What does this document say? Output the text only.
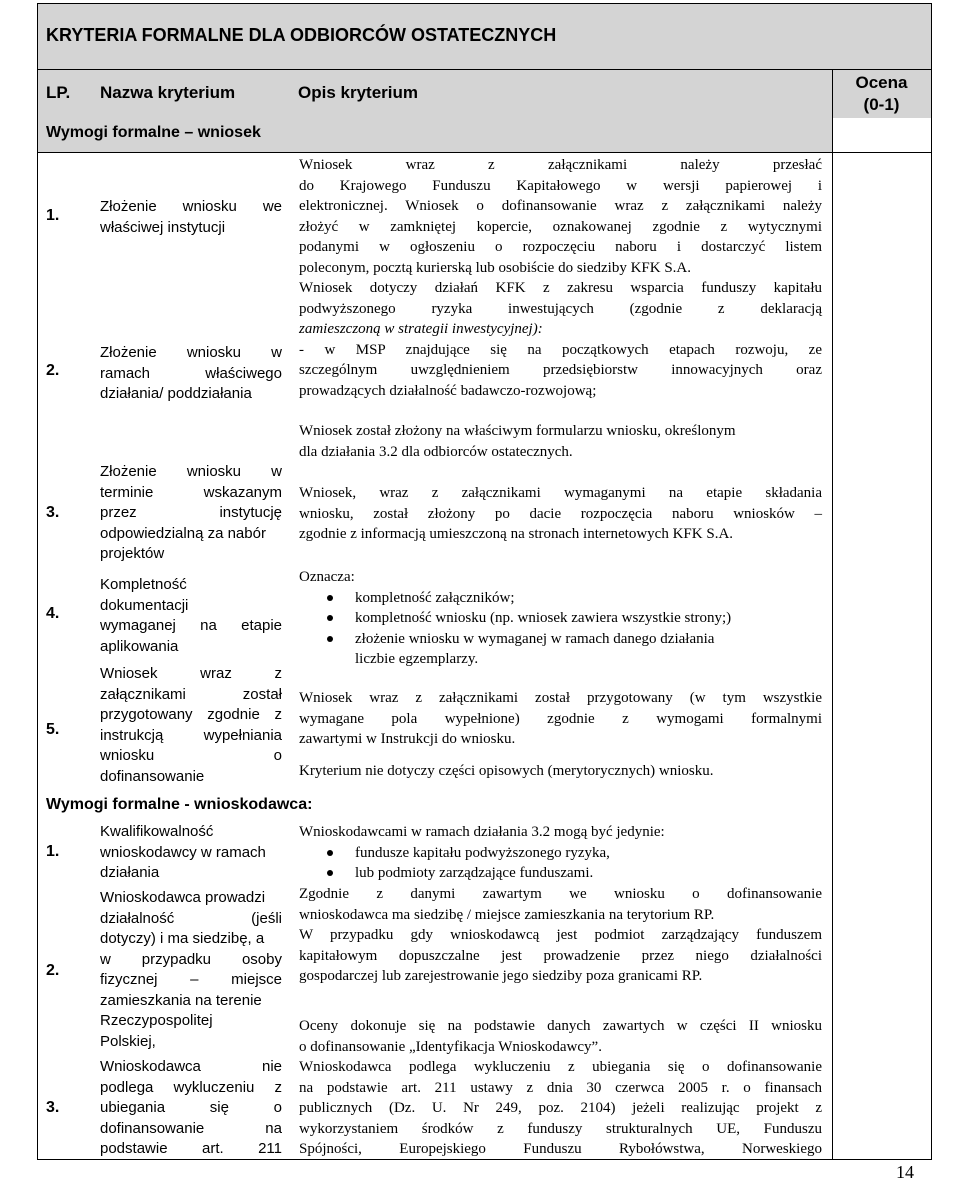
KRYTERIA FORMALNE DLA ODBIORCÓW OSTATECZNYCH
LP. Nazwa kryterium	Opis kryterium
Ocena
(0-1)
Wymogi formalne – wniosek
1.
2.
3.
4.
5.
Złożenie wniosku we
właściwej instytucji
Złożenie wniosku w
ramach właściwego
działania/ poddziałania
Złożenie wniosku w
terminie wskazanym
przez instytucję
odpowiedzialną za nabór
projektów
Kompletność
dokumentacji
wymaganej na etapie
aplikowania
Wniosek wraz z
załącznikami został
przygotowany zgodnie z
instrukcją wypełniania
wniosku o
dofinansowanie
Wniosek wraz z załącznikami należy przesłać
do Krajowego Funduszu Kapitałowego w wersji papierowej i
elektronicznej. Wniosek o dofinansowanie wraz z załącznikami należy
złożyć w zamkniętej kopercie, oznakowanej zgodnie z wytycznymi
podanymi w ogłoszeniu o rozpoczęciu naboru i dostarczyć listem
poleconym, pocztą kurierską lub osobiście do siedziby KFK S.A.
Wniosek dotyczy działań KFK z zakresu wsparcia funduszy kapitału
podwyższonego ryzyka inwestujących (zgodnie z deklaracją
zamieszczoną w strategii inwestycyjnej):
- w MSP znajdujące się na początkowych etapach rozwoju, ze
szczególnym uwzględnieniem przedsiębiorstw innowacyjnych oraz
prowadzących działalność badawczo-rozwojową;
Wniosek został złożony na właściwym formularzu wniosku, określonym
dla działania 3.2 dla odbiorców ostatecznych.
Wniosek, wraz z załącznikami wymaganymi na etapie składania
wniosku, został złożony po dacie rozpoczęcia naboru wniosków –
zgodnie z informacją umieszczoną na stronach internetowych KFK S.A.
Oznacza:
kompletność załączników;
kompletność wniosku (np. wniosek zawiera wszystkie strony;)
złożenie wniosku w wymaganej w ramach danego działania
liczbie egzemplarzy.
Wniosek wraz z załącznikami został przygotowany (w tym wszystkie
wymagane pola wypełnione) zgodnie z wymogami formalnymi
zawartymi w Instrukcji do wniosku.
Kryterium nie dotyczy części opisowych (merytorycznych) wniosku.
Wymogi formalne - wnioskodawca:
1.
2.
3.
Kwalifikowalność
wnioskodawcy w ramach
działania
Wnioskodawca prowadzi
działalność (jeśli
dotyczy) i ma siedzibę, a
w przypadku osoby
fizycznej – miejsce
zamieszkania na terenie
Rzeczypospolitej
Polskiej,
Wnioskodawca nie
podlega wykluczeniu z
ubiegania się o
dofinansowanie na
podstawie art. 211
Wnioskodawcami w ramach działania 3.2 mogą być jedynie:
fundusze kapitału podwyższonego ryzyka,
lub podmioty zarządzające funduszami.
Zgodnie z danymi zawartym we wniosku o dofinansowanie
wnioskodawca ma siedzibę / miejsce zamieszkania na terytorium RP.
W przypadku gdy wnioskodawcą jest podmiot zarządzający funduszem
kapitałowym dopuszczalne jest prowadzenie przez niego działalności
gospodarczej lub zarejestrowanie jego siedziby poza granicami RP.
Oceny dokonuje się na podstawie danych zawartych w części II wniosku
o dofinansowanie „Identyfikacja Wnioskodawcy”.
Wnioskodawca podlega wykluczeniu z ubiegania się o dofinansowanie
na podstawie art. 211 ustawy z dnia 30 czerwca 2005 r. o finansach
publicznych (Dz. U. Nr 249, poz. 2104) jeżeli realizując projekt z
wykorzystaniem środków z funduszy strukturalnych UE, Funduszu
Spójności, Europejskiego Funduszu Rybołówstwa, Norweskiego
14
